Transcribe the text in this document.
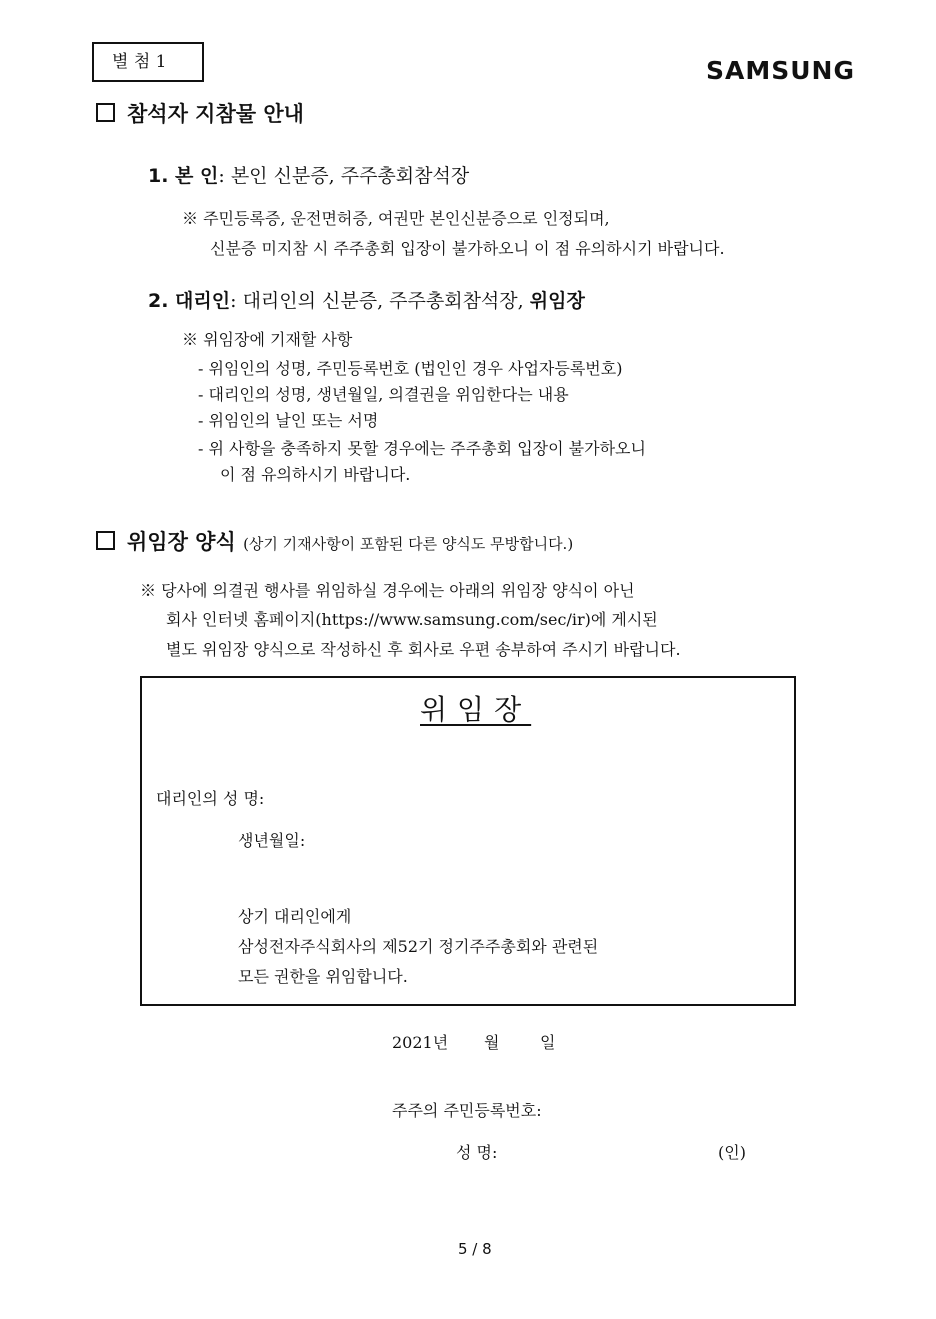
별 첨 1	SAMSUNG
참석자 지참물 안내
1. 본 인: 본인 신분증, 주주총회참석장
※ 주민등록증, 운전면허증, 여권만 본인신분증으로 인정되며,
신분증 미지참 시 주주총회 입장이 불가하오니 이 점 유의하시기 바랍니다.
2. 대리인: 대리인의 신분증, 주주총회참석장, 위임장
※ 위임장에 기재할 사항
- 위임인의 성명, 주민등록번호 (법인인 경우 사업자등록번호)
- 대리인의 성명, 생년월일, 의결권을 위임한다는 내용
- 위임인의 날인 또는 서명
- 위 사항을 충족하지 못할 경우에는 주주총회 입장이 불가하오니
이 점 유의하시기 바랍니다.
위임장 양식 (상기 기재사항이 포함된 다른 양식도 무방합니다.)
※ 당사에 의결권 행사를 위임하실 경우에는 아래의 위임장 양식이 아닌
회사 인터넷 홈페이지(https://www.samsung.com/sec/ir)에 게시된
별도 위임장 양식으로 작성하신 후 회사로 우편 송부하여 주시기 바랍니다.
위임장
대리인의 성 명:
생년월일:
상기 대리인에게
삼성전자주식회사의 제52기 정기주주총회와 관련된
모든 권한을 위임합니다.
2021년 월	일
주주의 주민등록번호:
성 명:	(인)
5 / 8
